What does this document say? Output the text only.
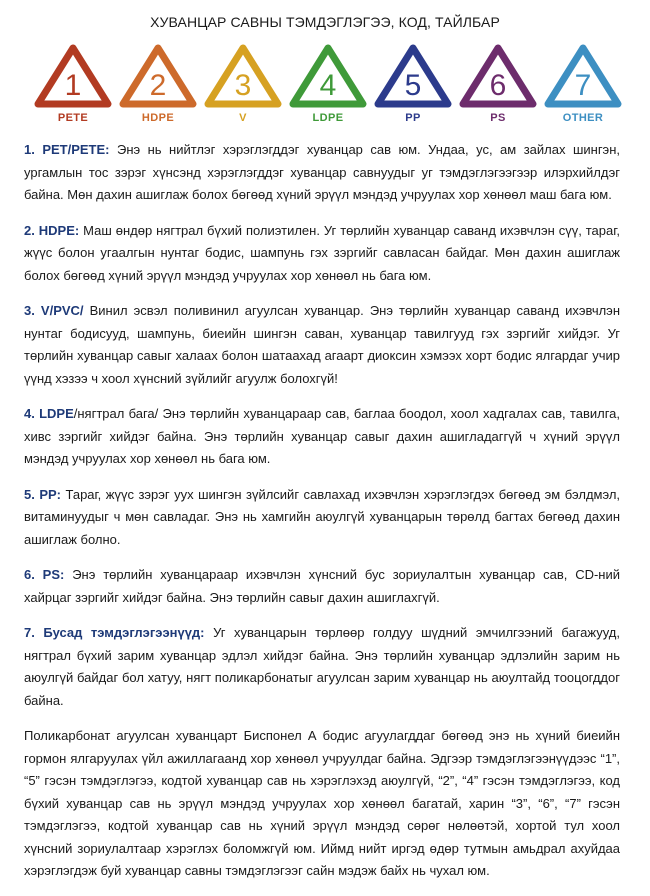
ХУВАНЦАР САВНЫ ТЭМДЭГЛЭГЭЭ, КОД, ТАЙЛБАР
1
PETE
2
HDPE
3
V
4
LDPE
5
PP
6
PS
7
OTHER

1. PET/PETE: Энэ нь нийтлэг хэрэглэгддэг хуванцар сав юм. Ундаа, ус, ам зайлах шингэн, ургамлын тос зэрэг хүнсэнд хэрэглэгддэг хуванцар савнуудыг уг тэмдэглэгээгээр илэрхийлдэг байна. Мөн дахин ашиглаж болох бөгөөд хүний эрүүл мэндэд учруулах хор хөнөөл маш бага юм.

2. HDPE: Маш өндөр нягтрал бүхий полиэтилен. Уг төрлийн хуванцар саванд ихэвчлэн сүү, тараг, жүүс болон угаалгын нунтаг бодис, шампунь гэх зэргийг савласан байдаг. Мөн дахин ашиглаж болох бөгөөд хүний эрүүл мэндэд учруулах хор хөнөөл нь бага юм.

3. V/PVC/ Винил эсвэл поливинил агуулсан хуванцар. Энэ төрлийн хуванцар саванд ихэвчлэн нунтаг бодисууд, шампунь, биеийн шингэн саван, хуванцар тавилгууд гэх зэргийг хийдэг. Уг төрлийн хуванцар савыг халаах болон шатаахад агаарт диоксин хэмээх хорт бодис ялгардаг учир үүнд хэзээ ч хоол хүнсний зүйлийг агуулж болохгүй!

4. LDPE/нягтрал бага/ Энэ төрлийн хуванцараар сав, баглаа боодол, хоол хадгалах сав, тавилга, хивс зэргийг хийдэг байна. Энэ төрлийн хуванцар савыг дахин ашигладаггүй ч хүний эрүүл мэндэд учруулах хор хөнөөл нь бага юм.

5. PP: Тараг, жүүс зэрэг уух шингэн зүйлсийг савлахад ихэвчлэн хэрэглэгдэх бөгөөд эм бэлдмэл, витаминуудыг ч мөн савладаг. Энэ нь хамгийн аюулгүй хуванцарын төрөлд багтах бөгөөд дахин ашиглаж болно.

6. PS: Энэ төрлийн хуванцараар ихэвчлэн хүнсний бус зориулалтын хуванцар сав, CD-ний хайрцаг зэргийг хийдэг байна. Энэ төрлийн савыг дахин ашиглахгүй.

7. Бусад тэмдэглэгээнүүд: Уг хуванцарын төрлөөр голдуу шүдний эмчилгээний багажууд, нягтрал бүхий зарим хуванцар эдлэл хийдэг байна. Энэ төрлийн хуванцар эдлэлийн зарим нь аюулгүй байдаг бол хатуу, нягт поликарбонатыг агуулсан зарим хуванцар нь аюултайд тооцогддог байна.

Поликарбонат агуулсан хуванцарт Биспонел А бодис агуулагддаг бөгөөд энэ нь хүний биеийн гормон ялгаруулах үйл ажиллагаанд хор хөнөөл учруулдаг байна. Эдгээр тэмдэглэгээнүүдээс “1”, “5” гэсэн тэмдэглэгээ, кодтой хуванцар сав нь хэрэглэхэд аюулгүй, “2”, “4” гэсэн тэмдэглэгээ, код бүхий хуванцар сав нь эрүүл мэндэд учруулах хор хөнөөл багатай, харин “3”, “6”, “7” гэсэн тэмдэглэгээ, кодтой хуванцар сав нь хүний эрүүл мэндэд сөрөг нөлөөтэй, хортой тул хоол хүнсний зориулалтаар хэрэглэх боломжгүй юм. Иймд нийт иргэд өдөр тутмын амьдрал ахуйдаа хэрэглэгдэж буй хуванцар савны тэмдэглэгээг сайн мэдэж байх нь чухал юм.
